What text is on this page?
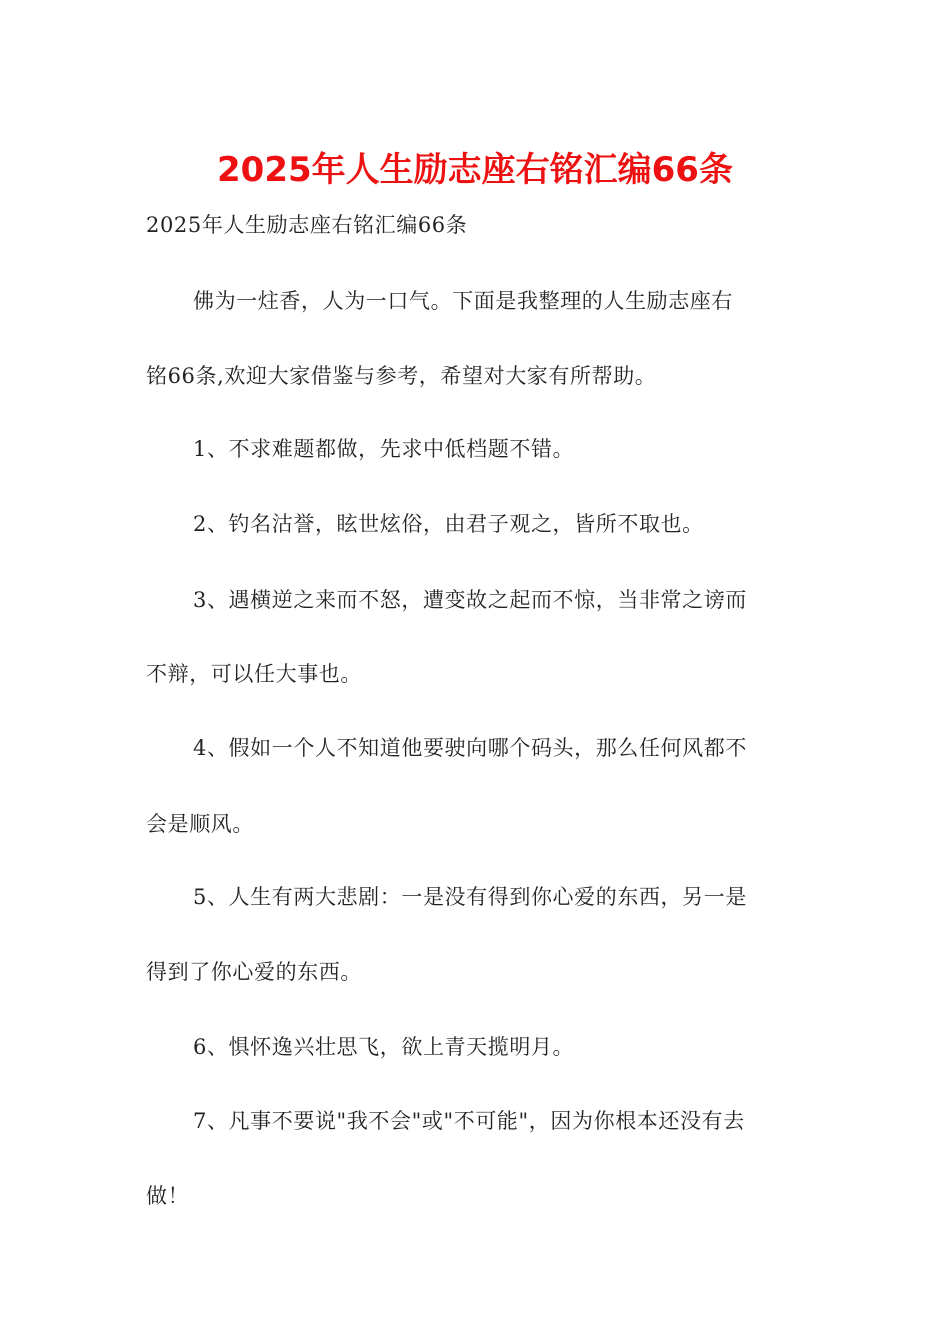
2025年人生励志座右铭汇编66条
2025年人生励志座右铭汇编66条
佛为一炷香，人为一口气。下面是我整理的人生励志座右
铭66条,欢迎大家借鉴与参考，希望对大家有所帮助。
1、不求难题都做，先求中低档题不错。
2、钓名沽誉，眩世炫俗，由君子观之，皆所不取也。
3、遇横逆之来而不怒，遭变故之起而不惊，当非常之谤而
不辩，可以任大事也。
4、假如一个人不知道他要驶向哪个码头，那么任何风都不
会是顺风。
5、人生有两大悲剧：一是没有得到你心爱的东西，另一是
得到了你心爱的东西。
6、惧怀逸兴壮思飞，欲上青天揽明月。
7、凡事不要说"我不会"或"不可能"，因为你根本还没有去
做！
